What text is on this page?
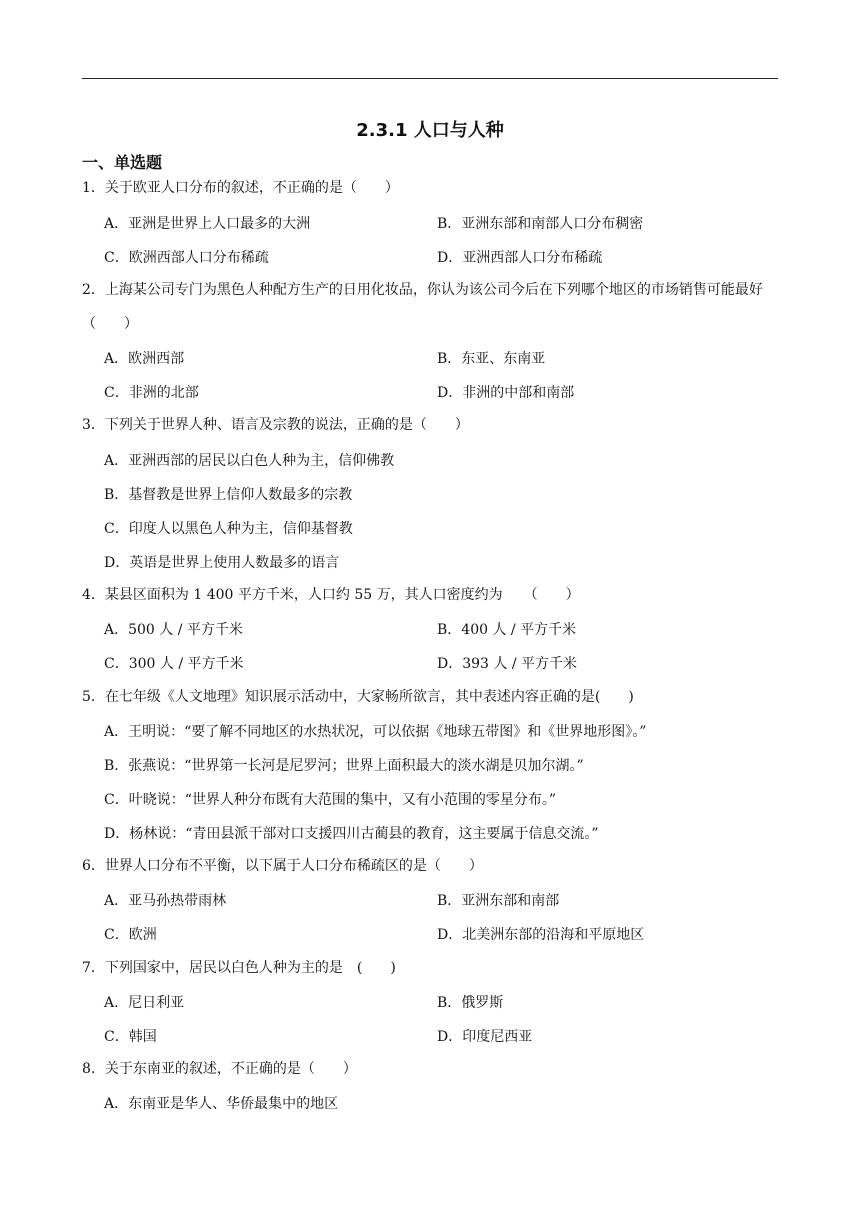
2.3.1 人口与人种
一、单选题
1．关于欧亚人口分布的叙述，不正确的是（　　）
A．亚洲是世界上人口最多的大洲	B．亚洲东部和南部人口分布稠密
C．欧洲西部人口分布稀疏	D．亚洲西部人口分布稀疏
2．上海某公司专门为黑色人种配方生产的日用化妆品，你认为该公司今后在下列哪个地区的市场销售可能最好（　　）
A．欧洲西部	B．东亚、东南亚
C．非洲的北部	D．非洲的中部和南部
3．下列关于世界人种、语言及宗教的说法，正确的是（　　）
A．亚洲西部的居民以白色人种为主，信仰佛教
B．基督教是世界上信仰人数最多的宗教
C．印度人以黑色人种为主，信仰基督教
D．英语是世界上使用人数最多的语言
4．某县区面积为 1 400 平方千米，人口约 55 万，其人口密度约为　　（　　）
A．500 人 / 平方千米	B．400 人 / 平方千米
C．300 人 / 平方千米	D．393 人 / 平方千米
5．在七年级《人文地理》知识展示活动中，大家畅所欲言，其中表述内容正确的是(　　)
A．王明说：“要了解不同地区的水热状况，可以依据《地球五带图》和《世界地形图》。”
B．张燕说：“世界第一长河是尼罗河；世界上面积最大的淡水湖是贝加尔湖。”
C．叶晓说：“世界人种分布既有大范围的集中，又有小范围的零星分布。”
D．杨林说：“青田县派干部对口支援四川古蔺县的教育，这主要属于信息交流。”
6．世界人口分布不平衡，以下属于人口分布稀疏区的是（　　）
A．亚马孙热带雨林	B．亚洲东部和南部
C．欧洲	D．北美洲东部的沿海和平原地区
7．下列国家中，居民以白色人种为主的是　(　　)
A．尼日利亚	B．俄罗斯
C．韩国	D．印度尼西亚
8．关于东南亚的叙述，不正确的是（　　）
A．东南亚是华人、华侨最集中的地区
